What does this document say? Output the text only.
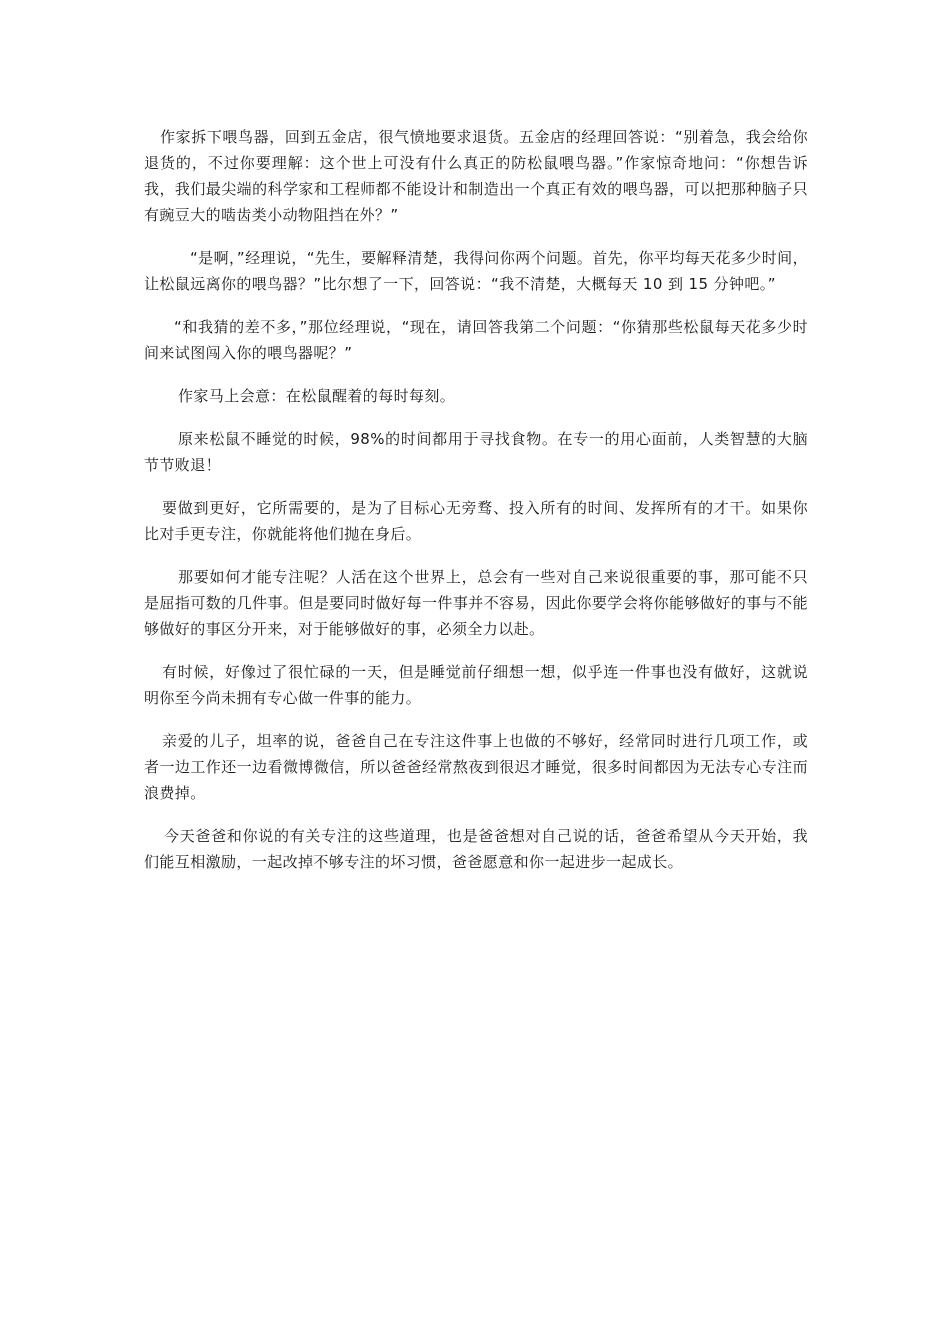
作家拆下喂鸟器，回到五金店，很气愤地要求退货。五金店的经理回答说：“别着急，我会给你退货的，不过你要理解：这个世上可没有什么真正的防松鼠喂鸟器。”作家惊奇地问：“你想告诉我，我们最尖端的科学家和工程师都不能设计和制造出一个真正有效的喂鸟器，可以把那种脑子只有豌豆大的啮齿类小动物阻挡在外？”

“是啊，”经理说，“先生，要解释清楚，我得问你两个问题。首先，你平均每天花多少时间，让松鼠远离你的喂鸟器？”比尔想了一下，回答说：“我不清楚，大概每天 10 到 15 分钟吧。”

“和我猜的差不多，”那位经理说，“现在，请回答我第二个问题：“你猜那些松鼠每天花多少时间来试图闯入你的喂鸟器呢？”

作家马上会意：在松鼠醒着的每时每刻。

原来松鼠不睡觉的时候，98%的时间都用于寻找食物。在专一的用心面前，人类智慧的大脑节节败退！

要做到更好，它所需要的，是为了目标心无旁骛、投入所有的时间、发挥所有的才干。如果你比对手更专注，你就能将他们抛在身后。

那要如何才能专注呢？人活在这个世界上，总会有一些对自己来说很重要的事，那可能不只是屈指可数的几件事。但是要同时做好每一件事并不容易，因此你要学会将你能够做好的事与不能够做好的事区分开来，对于能够做好的事，必须全力以赴。

有时候，好像过了很忙碌的一天，但是睡觉前仔细想一想，似乎连一件事也没有做好，这就说明你至今尚未拥有专心做一件事的能力。

亲爱的儿子，坦率的说，爸爸自己在专注这件事上也做的不够好，经常同时进行几项工作，或者一边工作还一边看微博微信，所以爸爸经常熬夜到很迟才睡觉，很多时间都因为无法专心专注而浪费掉。

今天爸爸和你说的有关专注的这些道理，也是爸爸想对自己说的话，爸爸希望从今天开始，我们能互相激励，一起改掉不够专注的坏习惯，爸爸愿意和你一起进步一起成长。
